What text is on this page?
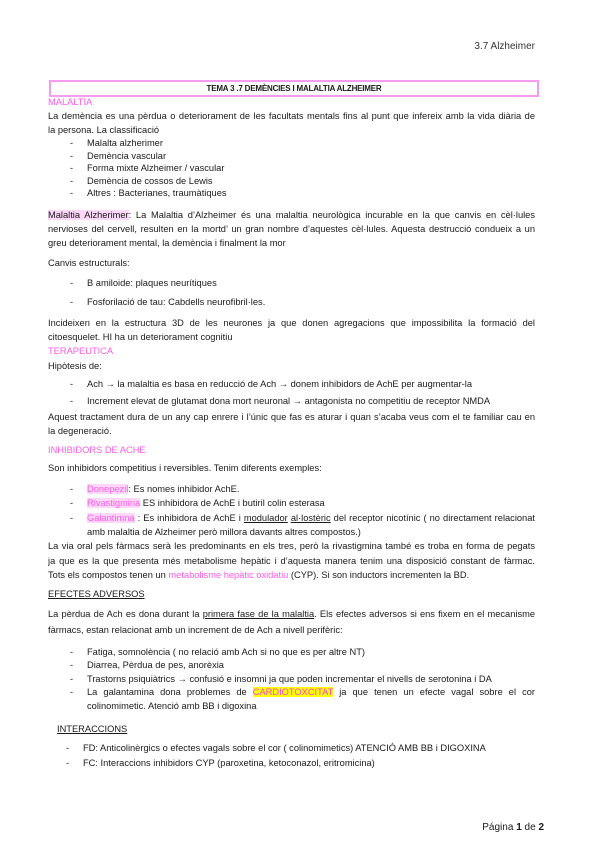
3.7 Alzheimer
TEMA 3 .7 DEMÈNCIES I MALALTIA ALZHEIMER
MALALTIA
La demència es una pèrdua o deteriorament de les facultats mentals fins al punt que infereix amb la vida diària de
la persona. La classificació
- Malalta alzherimer
- Demència vascular
- Forma mixte Alzheimer / vascular
- Demència de cossos de Lewis
- Altres : Bacterianes, traumàtiques
Malaltia Alzherimer: La Malaltia d’Alzheimer és una malaltia neurològica incurable en la que canvis en cèl·lules
nervioses del cervell, resulten en la mortd’ un gran nombre d’aquestes cèl·lules. Aquesta destrucció condueix a un
greu deteriorament mental, la demència i finalment la mor
Canvis estructurals:
- B amiloide: plaques neurítiques
- Fosforilació de tau: Cabdells neurofibril·les.
Incideixen en la estructura 3D de les neurones ja que donen agregacions que impossibilita la formació del
citoesquelet. HI ha un deteriorament cognitiu
TERAPEUTICA
Hipòtesis de:
- Ach → la malaltia es basa en reducció de Ach → donem inhibidors de AchE per augmentar-la
- Increment elevat de glutamat dona mort neuronal → antagonista no competitiu de receptor NMDA
Aquest tractament dura de un any cap enrere i l’únic que fas es aturar i quan s’acaba veus com el te familiar cau en
la degeneració.
INHIBIDORS DE ACHE
Son inhibidors competitius i reversibles. Tenim diferents exemples:
- Donepezil: Es nomes inhibidor AchE.
- Rivastigmina ES inhibidora de AchE i butiril colin esterasa
- Galantimna : Es inhibidora de AchE i modulador al·lostèric del receptor nicotínic ( no directament relacionat
amb malaltia de Alzheimer però millora davants altres compostos.)
La via oral pels fàrmacs serà les predominants en els tres, però la rivastigmina també es troba en forma de pegats
ja que es la que presenta més metabolisme hepàtic i d’aquesta manera tenim una disposició constant de fàrmac.
Tots els compostos tenen un metabolisme hepàtic oxidatiu (CYP). Si son inductors incrementen la BD.
EFECTES ADVERSOS
La pèrdua de Ach es dona durant la primera fase de la malaltia. Els efectes adversos si ens fixem en el mecanisme
fàrmacs, estan relacionat amb un increment de de Ach a nivell perifèric:
- Fatiga, somnolència ( no relació amb Ach si no que es per altre NT)
- Diarrea, Pèrdua de pes, anorèxia
- Trastorns psiquiàtrics → confusió e insomni ja que poden incrementar el nivells de serotonina i DA
- La galantamina dona problemes de CARDIOTOXCITAT ja que tenen un efecte vagal sobre el cor
colinomimetic. Atenció amb BB i digoxina
INTERACCIONS
- FD: Anticolinèrgics o efectes vagals sobre el cor ( colinomimetics) ATENCIÓ AMB BB i DIGOXINA
- FC: Interaccions inhibidors CYP (paroxetina, ketoconazol, eritromicina)
Página 1 de 2
